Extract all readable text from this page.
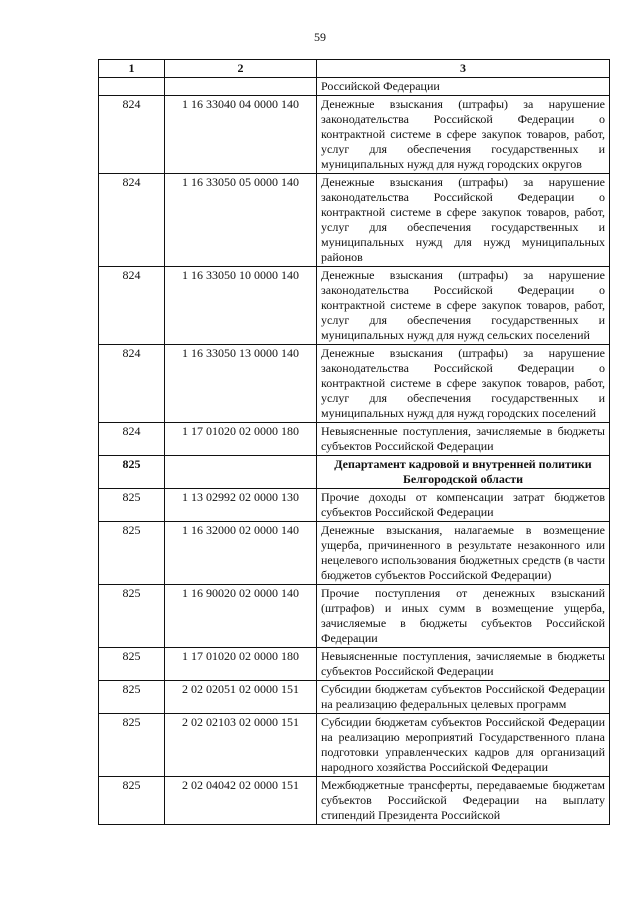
59
1	2	3
		Российской Федерации
824	1 16 33040 04 0000 140	Денежные взыскания (штрафы) за нарушение законодательства Российской Федерации о контрактной системе в сфере закупок товаров, работ, услуг для обеспечения государственных и муниципальных нужд для нужд городских округов
824	1 16 33050 05 0000 140	Денежные взыскания (штрафы) за нарушение законодательства Российской Федерации о контрактной системе в сфере закупок товаров, работ, услуг для обеспечения государственных и муниципальных нужд для нужд муниципальных районов
824	1 16 33050 10 0000 140	Денежные взыскания (штрафы) за нарушение законодательства Российской Федерации о контрактной системе в сфере закупок товаров, работ, услуг для обеспечения государственных и муниципальных нужд для нужд сельских поселений
824	1 16 33050 13 0000 140	Денежные взыскания (штрафы) за нарушение законодательства Российской Федерации о контрактной системе в сфере закупок товаров, работ, услуг для обеспечения государственных и муниципальных нужд для нужд городских поселений
824	1 17 01020 02 0000 180	Невыясненные поступления, зачисляемые в бюджеты субъектов Российской Федерации
825		Департамент кадровой и внутренней политики Белгородской области
825	1 13 02992 02 0000 130	Прочие доходы от компенсации затрат бюджетов субъектов Российской Федерации
825	1 16 32000 02 0000 140	Денежные взыскания, налагаемые в возмещение ущерба, причиненного в результате незаконного или нецелевого использования бюджетных средств (в части бюджетов субъектов Российской Федерации)
825	1 16 90020 02 0000 140	Прочие поступления от денежных взысканий (штрафов) и иных сумм в возмещение ущерба, зачисляемые в бюджеты субъектов Российской Федерации
825	1 17 01020 02 0000 180	Невыясненные поступления, зачисляемые в бюджеты субъектов Российской Федерации
825	2 02 02051 02 0000 151	Субсидии бюджетам субъектов Российской Федерации на реализацию федеральных целевых программ
825	2 02 02103 02 0000 151	Субсидии бюджетам субъектов Российской Федерации на реализацию мероприятий Государственного плана подготовки управленческих кадров для организаций народного хозяйства Российской Федерации
825	2 02 04042 02 0000 151	Межбюджетные трансферты, передаваемые бюджетам субъектов Российской Федерации на выплату стипендий Президента Российской
